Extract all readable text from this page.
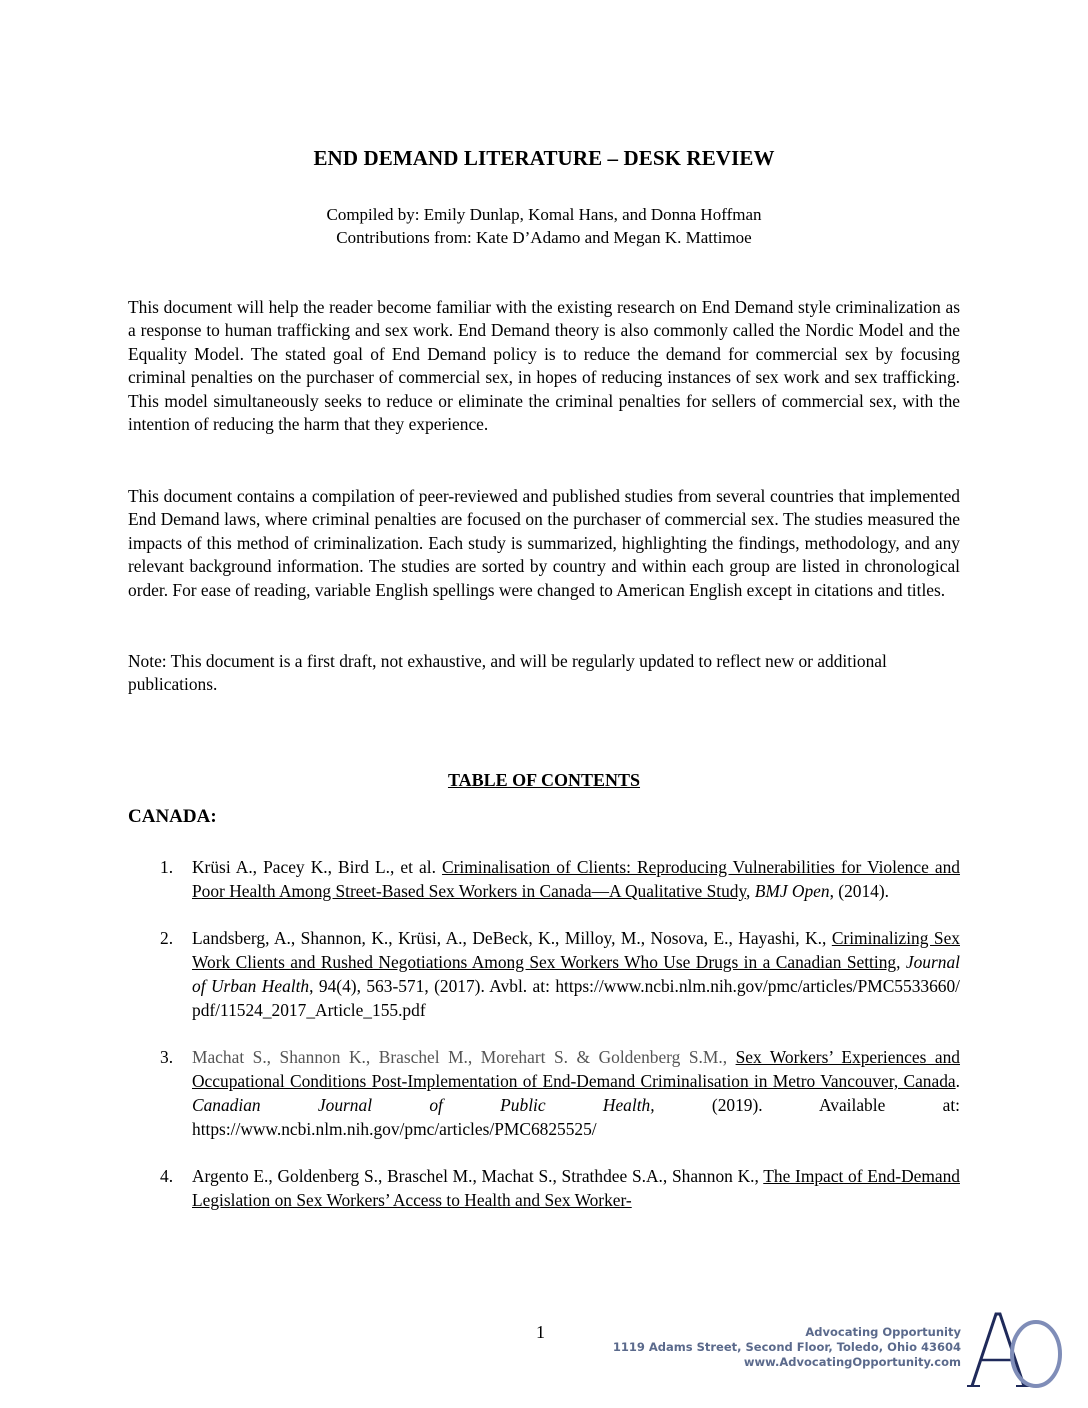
END DEMAND LITERATURE – DESK REVIEW
Compiled by: Emily Dunlap, Komal Hans, and Donna Hoffman
Contributions from: Kate D’Adamo and Megan K. Mattimoe

This document will help the reader become familiar with the existing research on End Demand style criminalization as a response to human trafficking and sex work. End Demand theory is also commonly called the Nordic Model and the Equality Model. The stated goal of End Demand policy is to reduce the demand for commercial sex by focusing criminal penalties on the purchaser of commercial sex, in hopes of reducing instances of sex work and sex trafficking. This model simultaneously seeks to reduce or eliminate the criminal penalties for sellers of commercial sex, with the intention of reducing the harm that they experience.

This document contains a compilation of peer-reviewed and published studies from several countries that implemented End Demand laws, where criminal penalties are focused on the purchaser of commercial sex. The studies measured the impacts of this method of criminalization. Each study is summarized, highlighting the findings, methodology, and any relevant background information. The studies are sorted by country and within each group are listed in chronological order. For ease of reading, variable English spellings were changed to American English except in citations and titles.

Note: This document is a first draft, not exhaustive, and will be regularly updated to reflect new or additional publications.

TABLE OF CONTENTS
CANADA:
1. Krüsi A., Pacey K., Bird L., et al. Criminalisation of Clients: Reproducing Vulnerabilities for Violence and Poor Health Among Street-Based Sex Workers in Canada—A Qualitative Study, BMJ Open, (2014).
2. Landsberg, A., Shannon, K., Krüsi, A., DeBeck, K., Milloy, M., Nosova, E., Hayashi, K., Criminalizing Sex Work Clients and Rushed Negotiations Among Sex Workers Who Use Drugs in a Canadian Setting, Journal of Urban Health, 94(4), 563-571, (2017). Avbl. at: https://www.ncbi.nlm.nih.gov/pmc/articles/PMC5533660/pdf/11524_2017_Article_155.pdf
3. Machat S., Shannon K., Braschel M., Morehart S. & Goldenberg S.M., Sex Workers’ Experiences and Occupational Conditions Post-Implementation of End-Demand Criminalisation in Metro Vancouver, Canada. Canadian Journal of Public Health, (2019). Available at: https://www.ncbi.nlm.nih.gov/pmc/articles/PMC6825525/
4. Argento E., Goldenberg S., Braschel M., Machat S., Strathdee S.A., Shannon K., The Impact of End-Demand Legislation on Sex Workers’ Access to Health and Sex Worker-
1	Advocating Opportunity
1119 Adams Street, Second Floor, Toledo, Ohio 43604
www.AdvocatingOpportunity.com
